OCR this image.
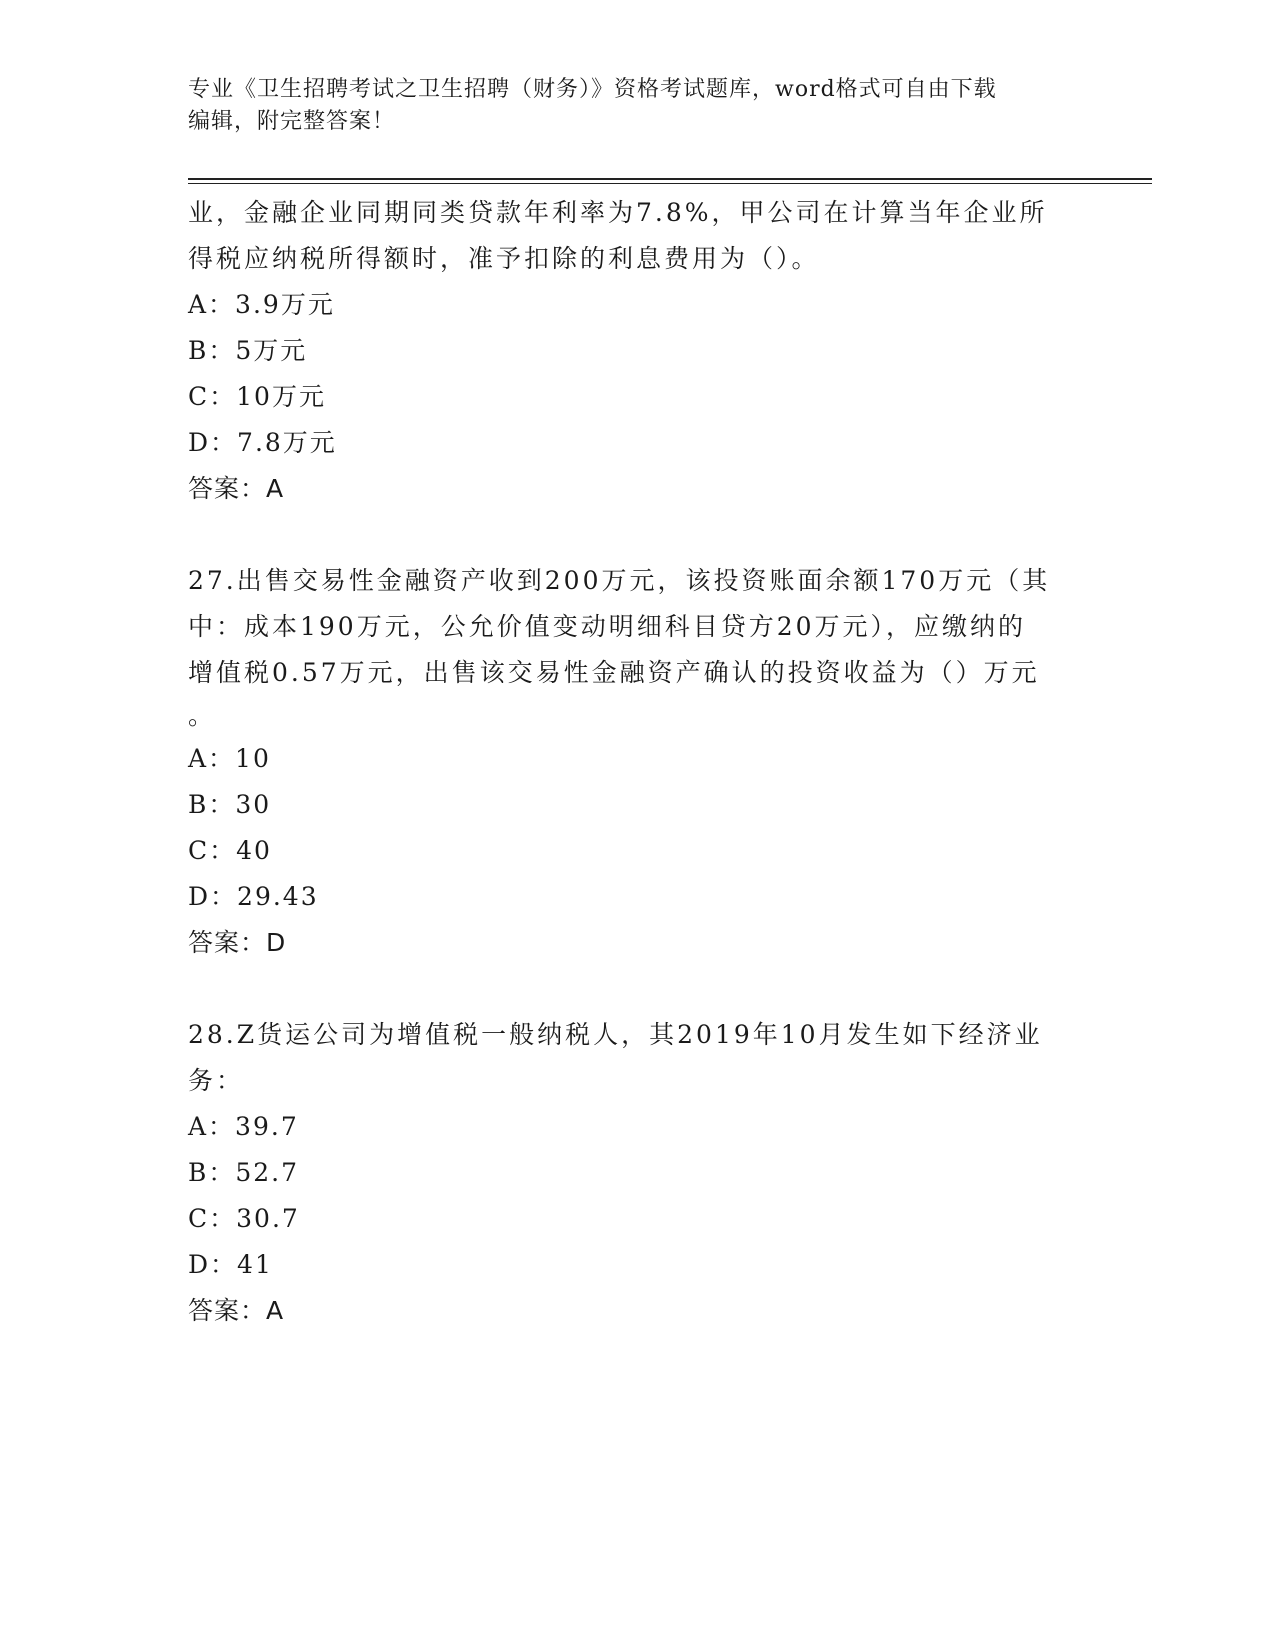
专业《卫生招聘考试之卫生招聘（财务）》资格考试题库，word格式可自由下载
编辑，附完整答案！

业，金融企业同期同类贷款年利率为7.8%，甲公司在计算当年企业所

得税应纳税所得额时，准予扣除的利息费用为（）。

A：3.9万元

B：5万元

C：10万元

D：7.8万元

答案：A

27.出售交易性金融资产收到200万元，该投资账面余额170万元（其

中：成本190万元，公允价值变动明细科目贷方20万元），应缴纳的

增值税0.57万元，出售该交易性金融资产确认的投资收益为（）万元

。

A：10

B：30

C：40

D：29.43

答案：D

28.Z货运公司为增值税一般纳税人，其2019年10月发生如下经济业

务：

A：39.7

B：52.7

C：30.7

D：41

答案：A
